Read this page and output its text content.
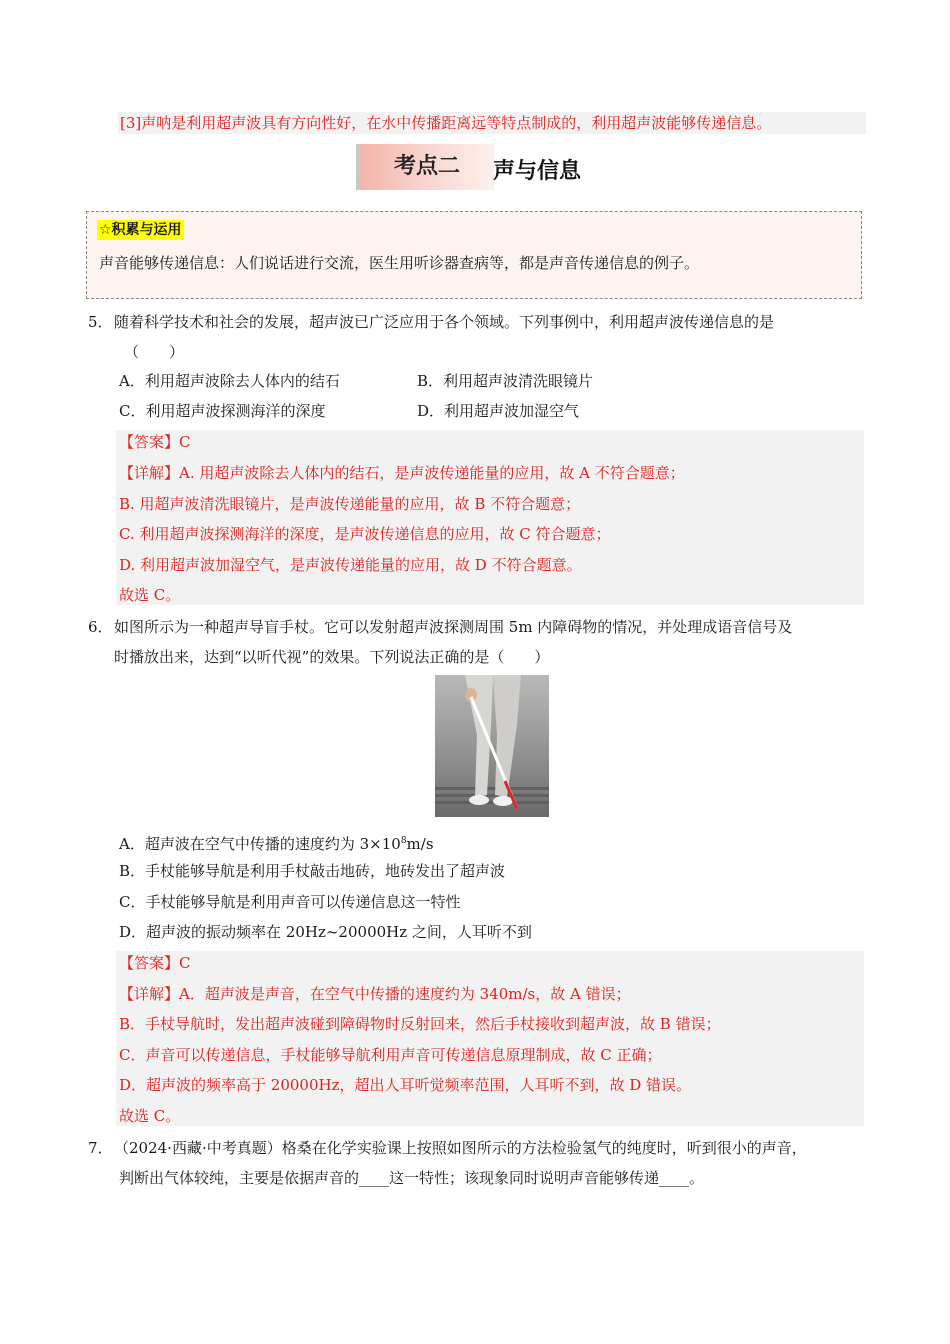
[3]声呐是利用超声波具有方向性好，在水中传播距离远等特点制成的，利用超声波能够传递信息。
考点二	声与信息
☆积累与运用
声音能够传递信息：人们说话进行交流，医生用听诊器查病等，都是声音传递信息的例子。
5． 随着科学技术和社会的发展，超声波已广泛应用于各个领域。下列事例中，利用超声波传递信息的是
（　　）
A．利用超声波除去人体内的结石	B．利用超声波清洗眼镜片
C．利用超声波探测海洋的深度	D．利用超声波加湿空气
【答案】C
【详解】A. 用超声波除去人体内的结石，是声波传递能量的应用，故 A 不符合题意；
B. 用超声波清洗眼镜片，是声波传递能量的应用，故 B 不符合题意；
C. 利用超声波探测海洋的深度，是声波传递信息的应用，故 C 符合题意；
D. 利用超声波加湿空气，是声波传递能量的应用，故 D 不符合题意。
故选 C。
6． 如图所示为一种超声导盲手杖。它可以发射超声波探测周围 5m 内障碍物的情况，并处理成语音信号及
时播放出来，达到“以听代视”的效果。下列说法正确的是（　　）
A．超声波在空气中传播的速度约为 $3\times 10^8m/s$
B．手杖能够导航是利用手杖敲击地砖，地砖发出了超声波
C．手杖能够导航是利用声音可以传递信息这一特性
D．超声波的振动频率在 20Hz~20000Hz 之间，人耳听不到
【答案】C
【详解】A．超声波是声音，在空气中传播的速度约为 340m/s，故 A 错误；
B．手杖导航时，发出超声波碰到障碍物时反射回来，然后手杖接收到超声波，故 B 错误；
C．声音可以传递信息，手杖能够导航利用声音可传递信息原理制成，故 C 正确；
D．超声波的频率高于 20000Hz，超出人耳听觉频率范围，人耳听不到，故 D 错误。
故选 C。
7． （2024·西藏·中考真题）格桑在化学实验课上按照如图所示的方法检验氢气的纯度时，听到很小的声音，
判断出气体较纯，主要是依据声音的____这一特性；该现象同时说明声音能够传递____。
